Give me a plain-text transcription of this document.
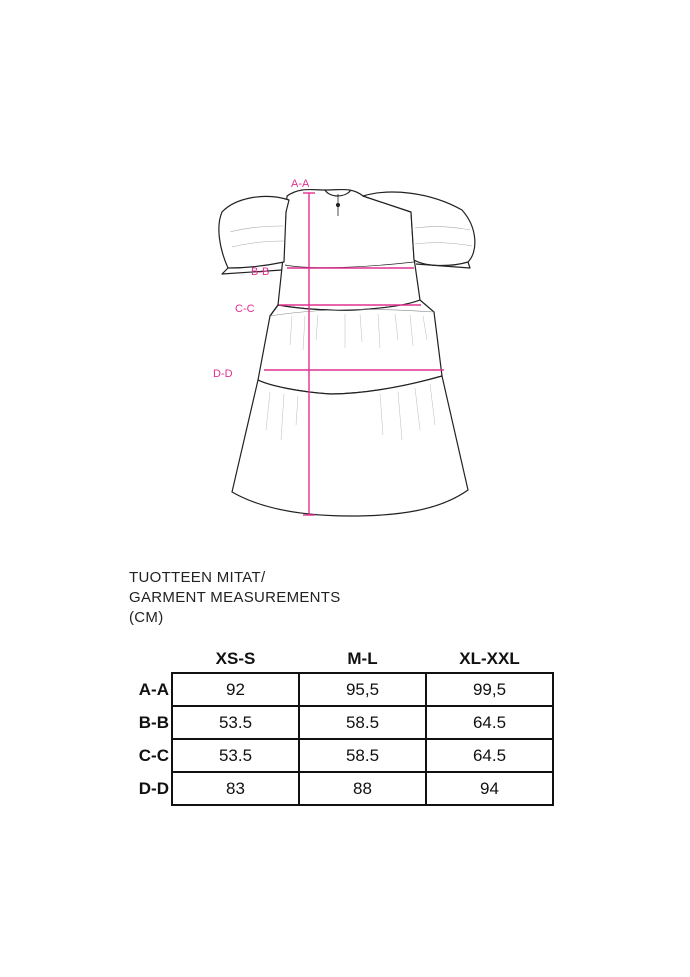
A-A
B-B
C-C
D-D
TUOTTEEN MITAT/
GARMENT MEASUREMENTS
(CM)
	XS-S	M-L	XL-XXL
A-A	92	95,5	99,5
B-B	53.5	58.5	64.5
C-C	53.5	58.5	64.5
D-D	83	88	94
